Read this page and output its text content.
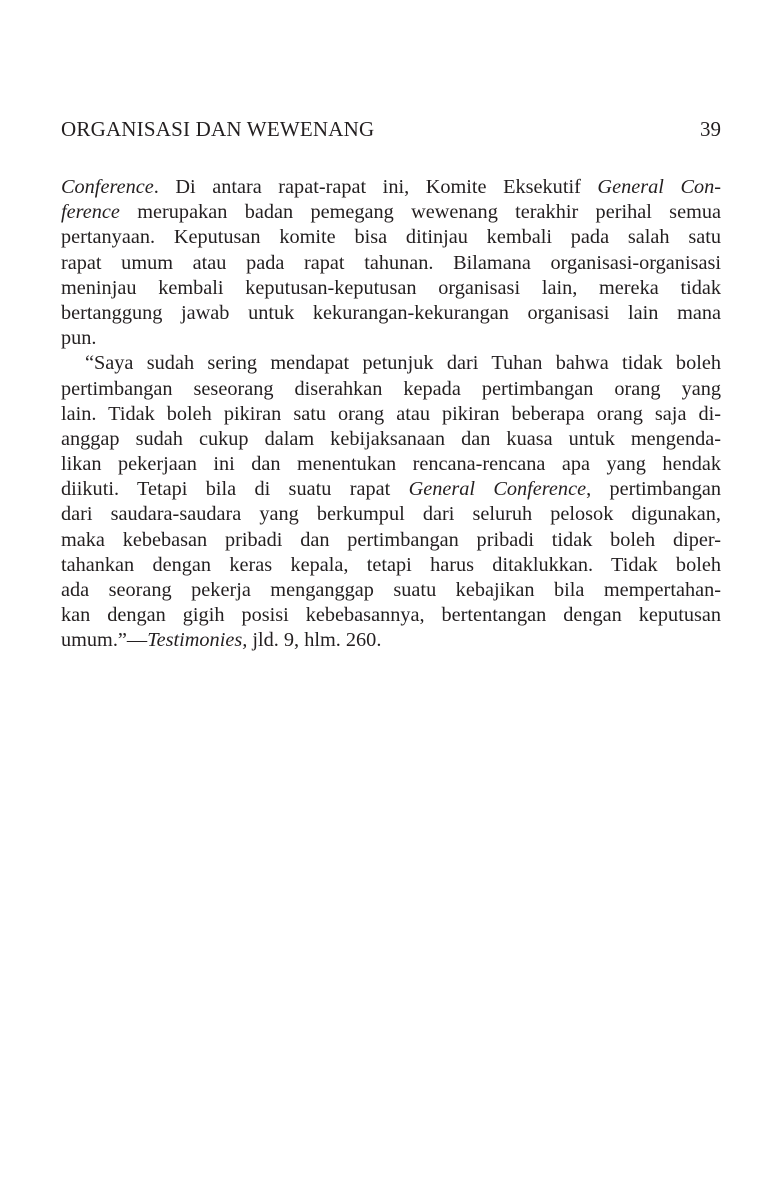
ORGANISASI DAN WEWENANG	39
Conference. Di antara rapat-rapat ini, Komite Eksekutif General Con-
ference merupakan badan pemegang wewenang terakhir perihal semua
pertanyaan. Keputusan komite bisa ditinjau kembali pada salah satu
rapat umum atau pada rapat tahunan. Bilamana organisasi-organisasi
meninjau kembali keputusan-keputusan organisasi lain, mereka tidak
bertanggung jawab untuk kekurangan-kekurangan organisasi lain mana
pun.
“Saya sudah sering mendapat petunjuk dari Tuhan bahwa tidak boleh
pertimbangan seseorang diserahkan kepada pertimbangan orang yang
lain. Tidak boleh pikiran satu orang atau pikiran beberapa orang saja di-
anggap sudah cukup dalam kebijaksanaan dan kuasa untuk mengenda-
likan pekerjaan ini dan menentukan rencana-rencana apa yang hendak
diikuti. Tetapi bila di suatu rapat General Conference, pertimbangan
dari saudara-saudara yang berkumpul dari seluruh pelosok digunakan,
maka kebebasan pribadi dan pertimbangan pribadi tidak boleh diper-
tahankan dengan keras kepala, tetapi harus ditaklukkan. Tidak boleh
ada seorang pekerja menganggap suatu kebajikan bila mempertahan-
kan dengan gigih posisi kebebasannya, bertentangan dengan keputusan
umum.”—Testimonies, jld. 9, hlm. 260.
